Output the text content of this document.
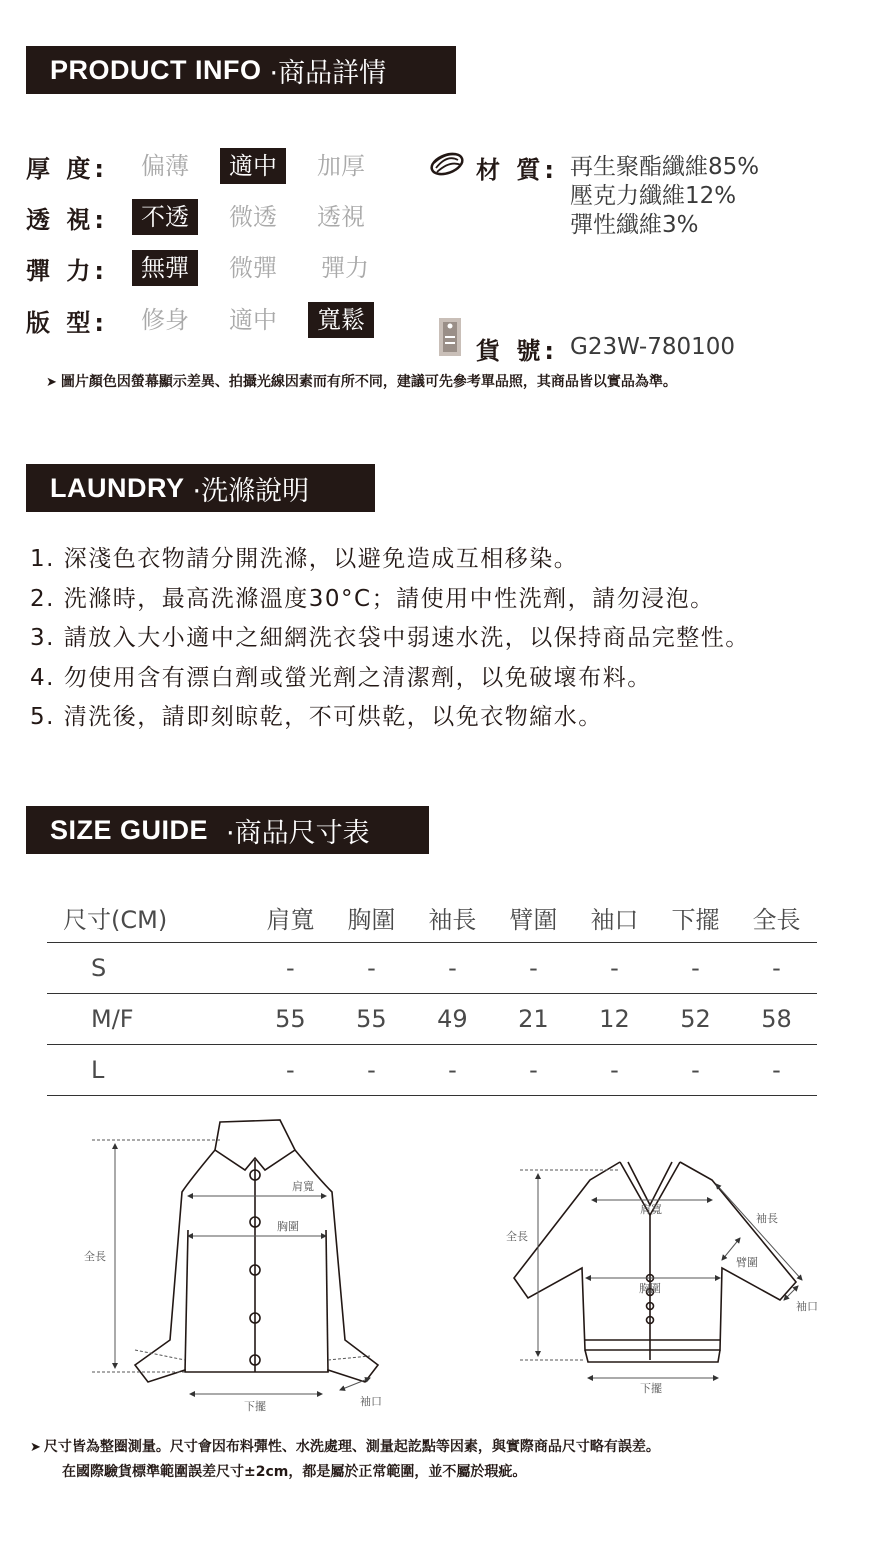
PRODUCT INFO ·商品詳情
厚 度:	偏薄	適中	加厚
透 視:	不透	微透	透視
彈 力:	無彈	微彈	彈力
版 型:	修身	適中	寬鬆
材 質: 再生聚酯纖維85%
壓克力纖維12%
彈性纖維3%
貨 號: G23W-780100
➤ 圖片顏色因螢幕顯示差異、拍攝光線因素而有所不同，建議可先參考單品照，其商品皆以實品為準。
LAUNDRY ·洗滌說明
1. 深淺色衣物請分開洗滌，以避免造成互相移染。
2. 洗滌時，最高洗滌溫度30°C；請使用中性洗劑，請勿浸泡。
3. 請放入大小適中之細網洗衣袋中弱速水洗，以保持商品完整性。
4. 勿使用含有漂白劑或螢光劑之清潔劑，以免破壞布料。
5. 清洗後，請即刻晾乾，不可烘乾，以免衣物縮水。
SIZE GUIDE ·商品尺寸表
尺寸(CM)	肩寬	胸圍	袖長	臂圍	袖口	下擺	全長
S	-	-	-	-	-	-	-
M/F	55	55	49	21	12	52	58
L	-	-	-	-	-	-	-
肩寬
胸圍
全長
下擺	袖口
肩寬
袖長
全長
臂圍
胸圍
袖口
下擺
➤ 尺寸皆為整圈測量。尺寸會因布料彈性、水洗處理、測量起訖點等因素，與實際商品尺寸略有誤差。
在國際驗貨標準範圍誤差尺寸±2cm，都是屬於正常範圍，並不屬於瑕疵。
